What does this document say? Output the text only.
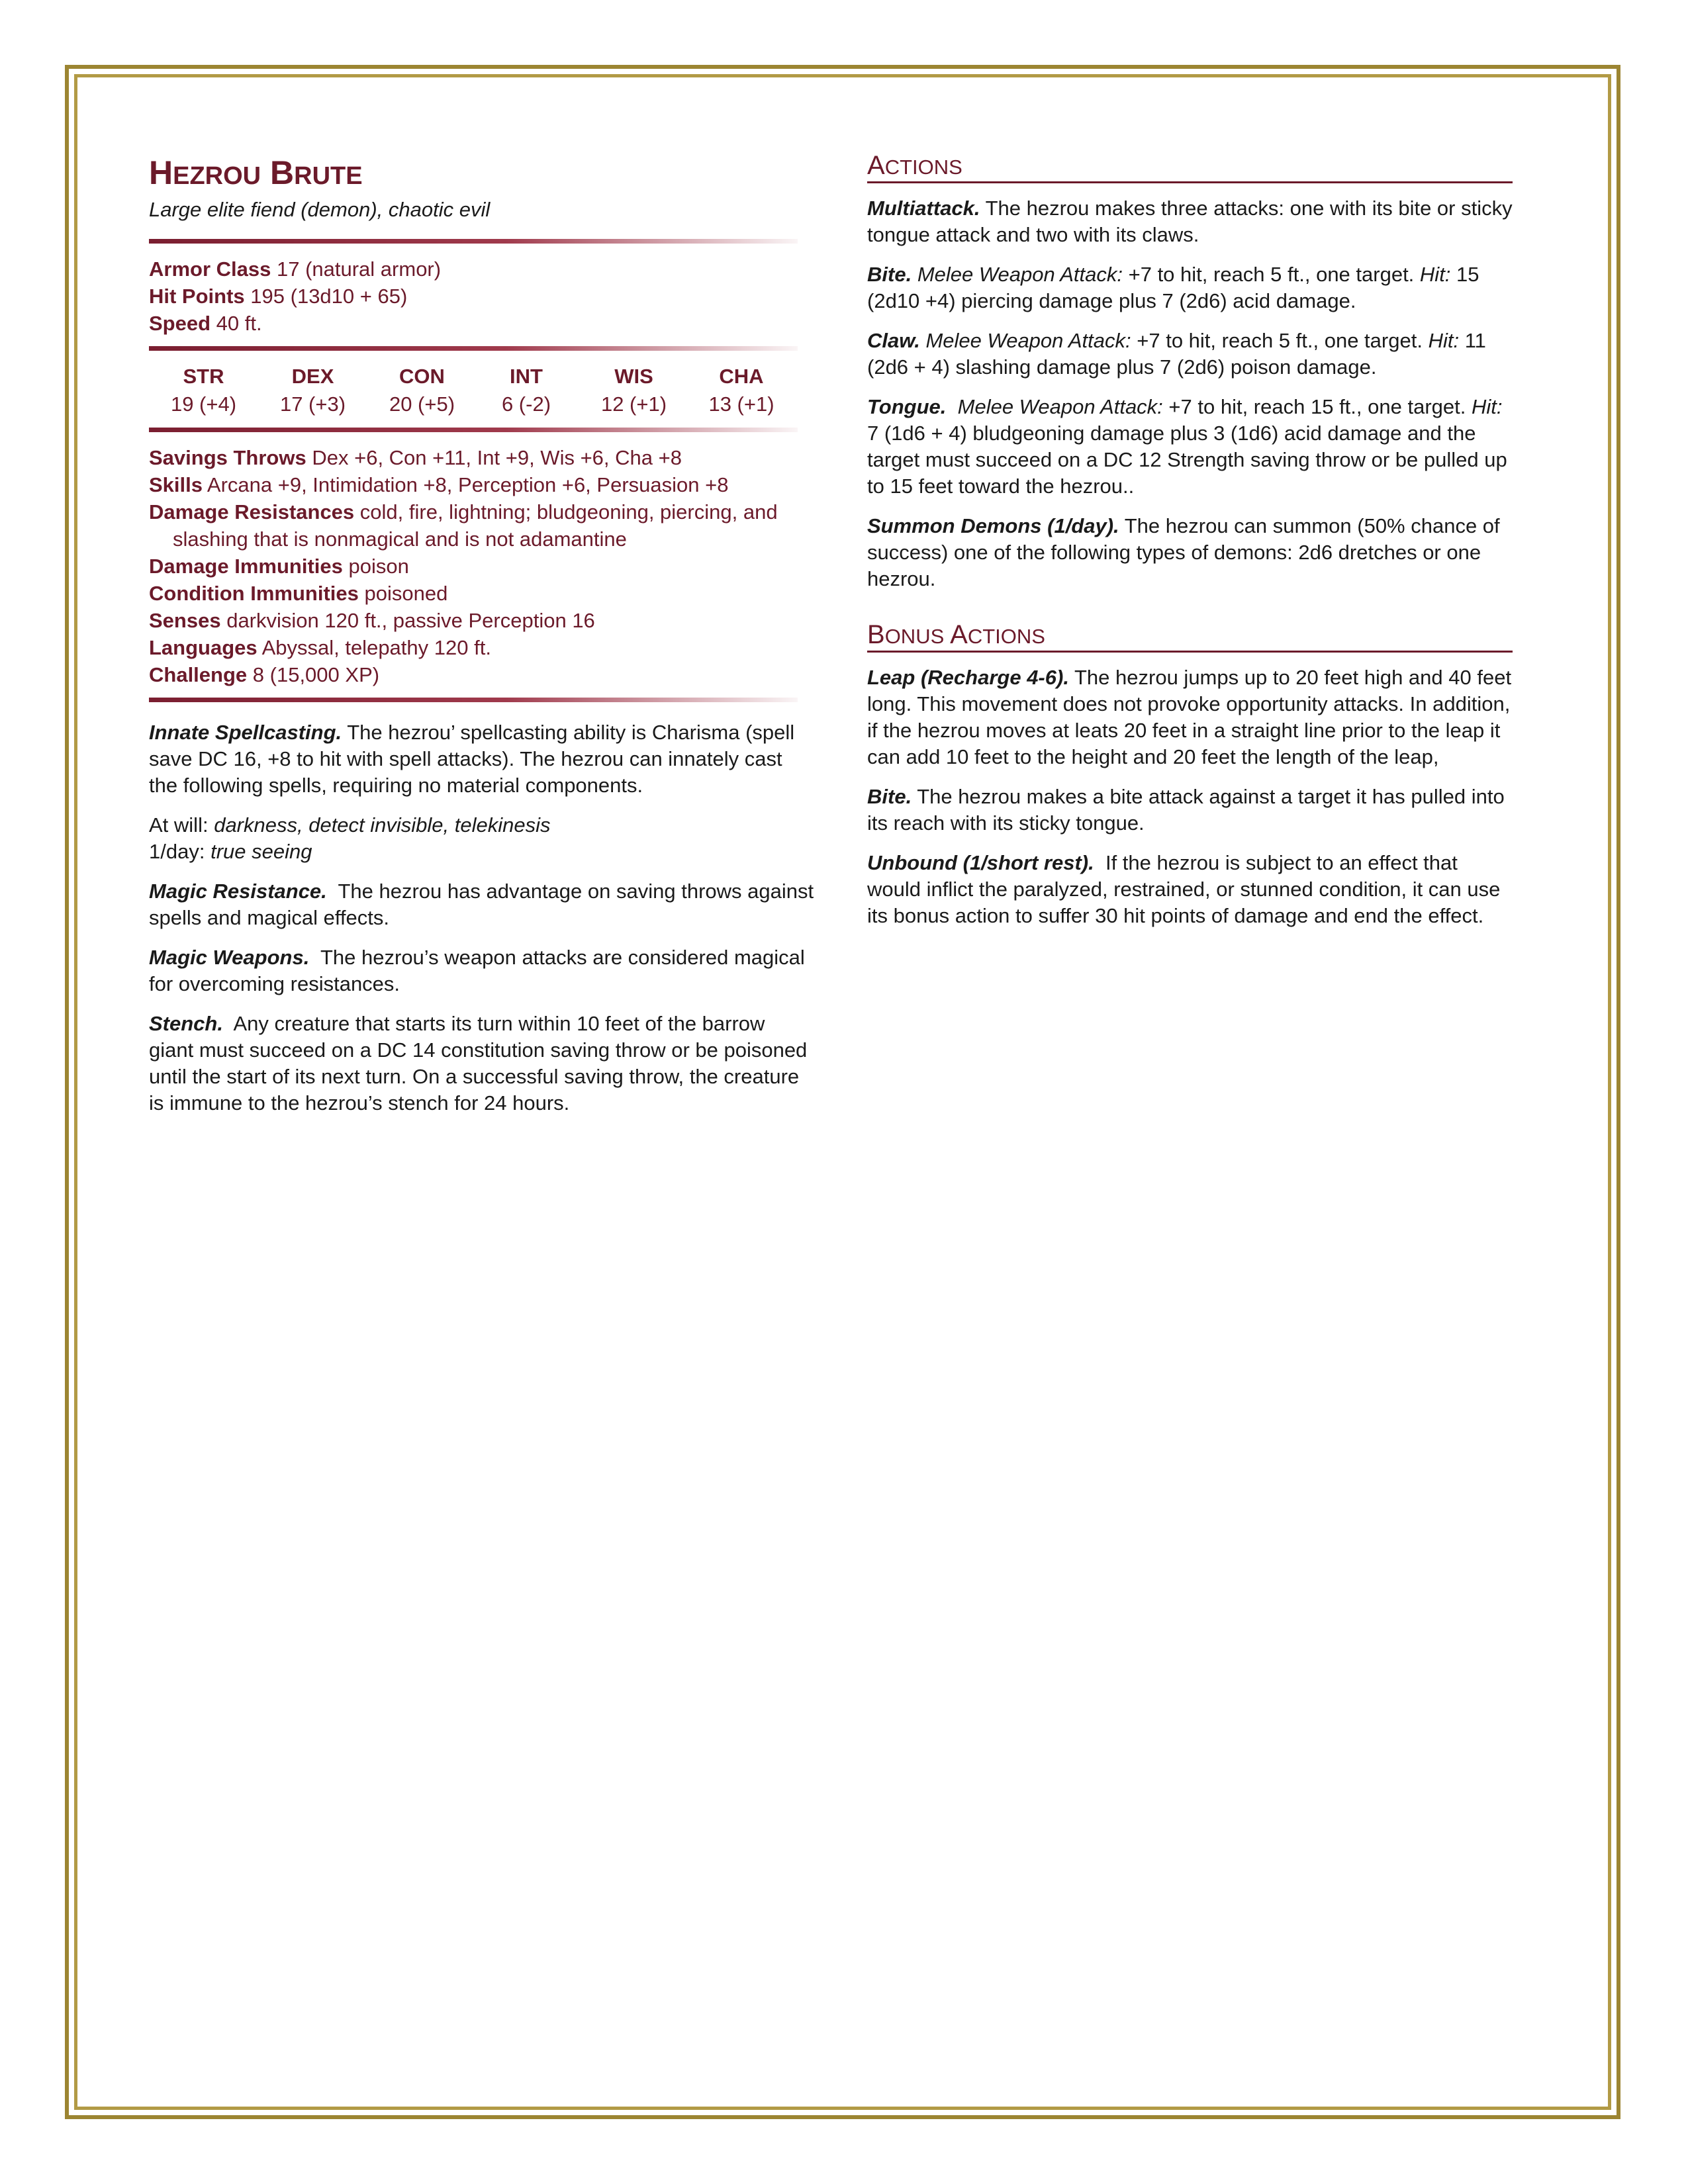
HEZROU BRUTE
Large elite fiend (demon), chaotic evil
Armor Class 17 (natural armor)
Hit Points 195 (13d10 + 65)
Speed 40 ft.
STR
19 (+4)
DEX
17 (+3)
CON
20 (+5)
INT
6 (-2)
WIS
12 (+1)
CHA
13 (+1)
Savings Throws Dex +6, Con +11, Int +9, Wis +6, Cha +8
Skills Arcana +9, Intimidation +8, Perception +6, Persuasion +8
Damage Resistances cold, fire, lightning; bludgeoning, piercing, and slashing that is nonmagical and is not adamantine
Damage Immunities poison
Condition Immunities poisoned
Senses darkvision 120 ft., passive Perception 16
Languages Abyssal, telepathy 120 ft.
Challenge 8 (15,000 XP)
Innate Spellcasting. The hezrou’ spellcasting ability is Charisma (spell save DC 16, +8 to hit with spell attacks). The hezrou can innately cast the following spells, requiring no material components.
At will: darkness, detect invisible, telekinesis
1/day: true seeing
Magic Resistance. The hezrou has advantage on saving throws against spells and magical effects.
Magic Weapons. The hezrou’s weapon attacks are considered magical for overcoming resistances.
Stench. Any creature that starts its turn within 10 feet of the barrow giant must succeed on a DC 14 constitution saving throw or be poisoned until the start of its next turn. On a successful saving throw, the creature is immune to the hezrou’s stench for 24 hours.
ACTIONS
Multiattack. The hezrou makes three attacks: one with its bite or sticky tongue attack and two with its claws.
Bite. Melee Weapon Attack: +7 to hit, reach 5 ft., one target. Hit: 15 (2d10 +4) piercing damage plus 7 (2d6) acid damage.
Claw. Melee Weapon Attack: +7 to hit, reach 5 ft., one target. Hit: 11 (2d6 + 4) slashing damage plus 7 (2d6) poison damage.
Tongue. Melee Weapon Attack: +7 to hit, reach 15 ft., one target. Hit: 7 (1d6 + 4) bludgeoning damage plus 3 (1d6) acid damage and the target must succeed on a DC 12 Strength saving throw or be pulled up to 15 feet toward the hezrou..
Summon Demons (1/day). The hezrou can summon (50% chance of success) one of the following types of demons: 2d6 dretches or one hezrou.
BONUS ACTIONS
Leap (Recharge 4-6). The hezrou jumps up to 20 feet high and 40 feet long. This movement does not provoke opportunity attacks. In addition, if the hezrou moves at leats 20 feet in a straight line prior to the leap it can add 10 feet to the height and 20 feet the length of the leap,
Bite. The hezrou makes a bite attack against a target it has pulled into its reach with its sticky tongue.
Unbound (1/short rest). If the hezrou is subject to an effect that would inflict the paralyzed, restrained, or stunned condition, it can use its bonus action to suffer 30 hit points of damage and end the effect.
